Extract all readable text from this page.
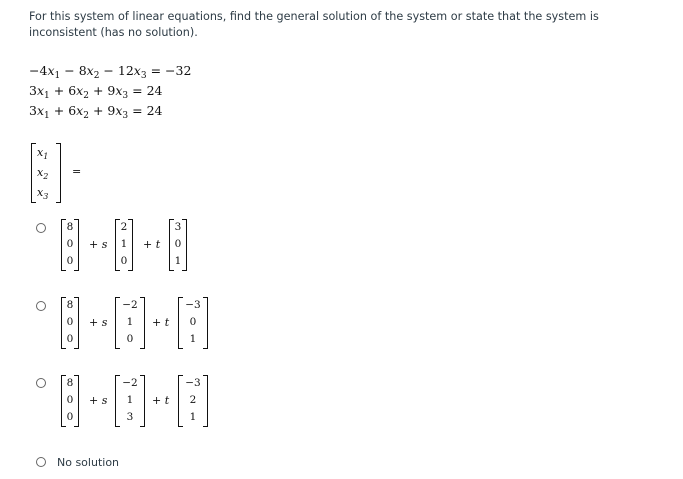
For this system of linear equations, find the general solution of the system or state that the system is inconsistent (has no solution).
$-4x_1 - 8x_2 - 12x_3 = -32$
$3x_1 + 6x_2 + 9x_3 = 24$
$3x_1 + 6x_2 + 9x_3 = 24$
$x_1$
$x_2$
$x_3$
=
8
0
0
+ s
2
1
0
+ t
3
0
1
8
0
0
+ s
−2
1
0
+ t
−3
0
1
8
0
0
+ s
−2
1
3
+ t
−3
2
1
No solution
